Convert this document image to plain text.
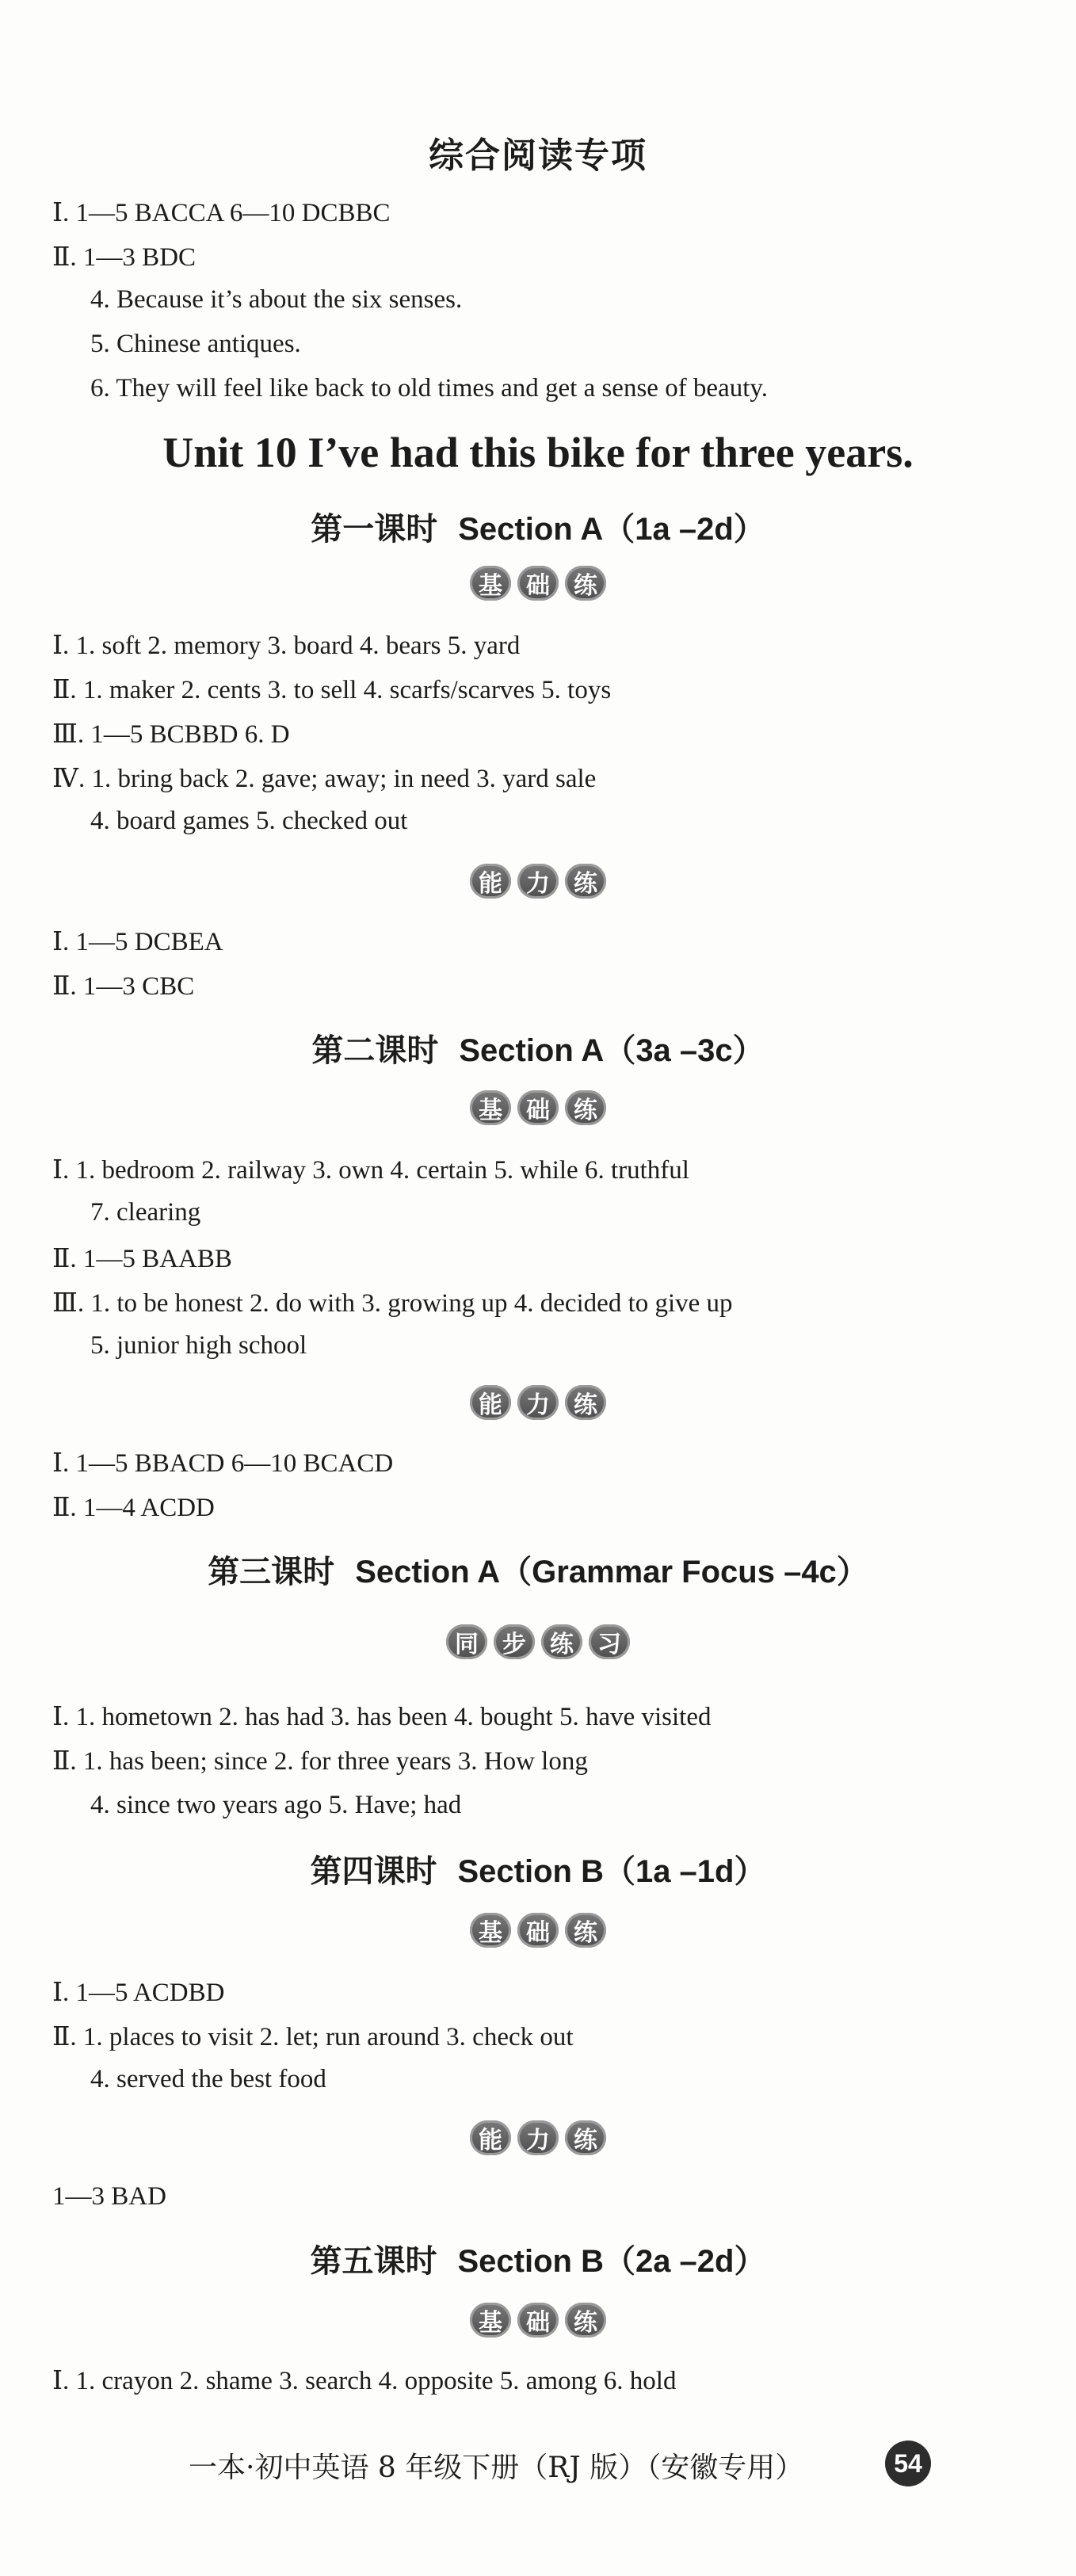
综合阅读专项
Ⅰ. 1—5 BACCA 6—10 DCBBC
Ⅱ. 1—3 BDC
4. Because it’s about the six senses.
5. Chinese antiques.
6. They will feel like back to old times and get a sense of beauty.
Unit 10 I’ve had this bike for three years.
第一课时 Section A（1a –2d）
基	础	练
Ⅰ. 1. soft 2. memory 3. board 4. bears 5. yard
Ⅱ. 1. maker 2. cents 3. to sell 4. scarfs/scarves 5. toys
Ⅲ. 1—5 BCBBD 6. D
Ⅳ. 1. bring back 2. gave; away; in need 3. yard sale
4. board games 5. checked out
能	力	练
Ⅰ. 1—5 DCBEA
Ⅱ. 1—3 CBC
第二课时 Section A（3a –3c）
基	础	练
Ⅰ. 1. bedroom 2. railway 3. own 4. certain 5. while 6. truthful
7. clearing
Ⅱ. 1—5 BAABB
Ⅲ. 1. to be honest 2. do with 3. growing up 4. decided to give up
5. junior high school
能	力	练
Ⅰ. 1—5 BBACD 6—10 BCACD
Ⅱ. 1—4 ACDD
第三课时 Section A（Grammar Focus –4c）
同	步	练	习
Ⅰ. 1. hometown 2. has had 3. has been 4. bought 5. have visited
Ⅱ. 1. has been; since 2. for three years 3. How long
4. since two years ago 5. Have; had
第四课时 Section B（1a –1d）
基	础	练
Ⅰ. 1—5 ACDBD
Ⅱ. 1. places to visit 2. let; run around 3. check out
4. served the best food
能	力	练
1—3 BAD
第五课时 Section B（2a –2d）
基	础	练
Ⅰ. 1. crayon 2. shame 3. search 4. opposite 5. among 6. hold
一本·初中英语 8 年级下册（RJ 版）（安徽专用）	54
